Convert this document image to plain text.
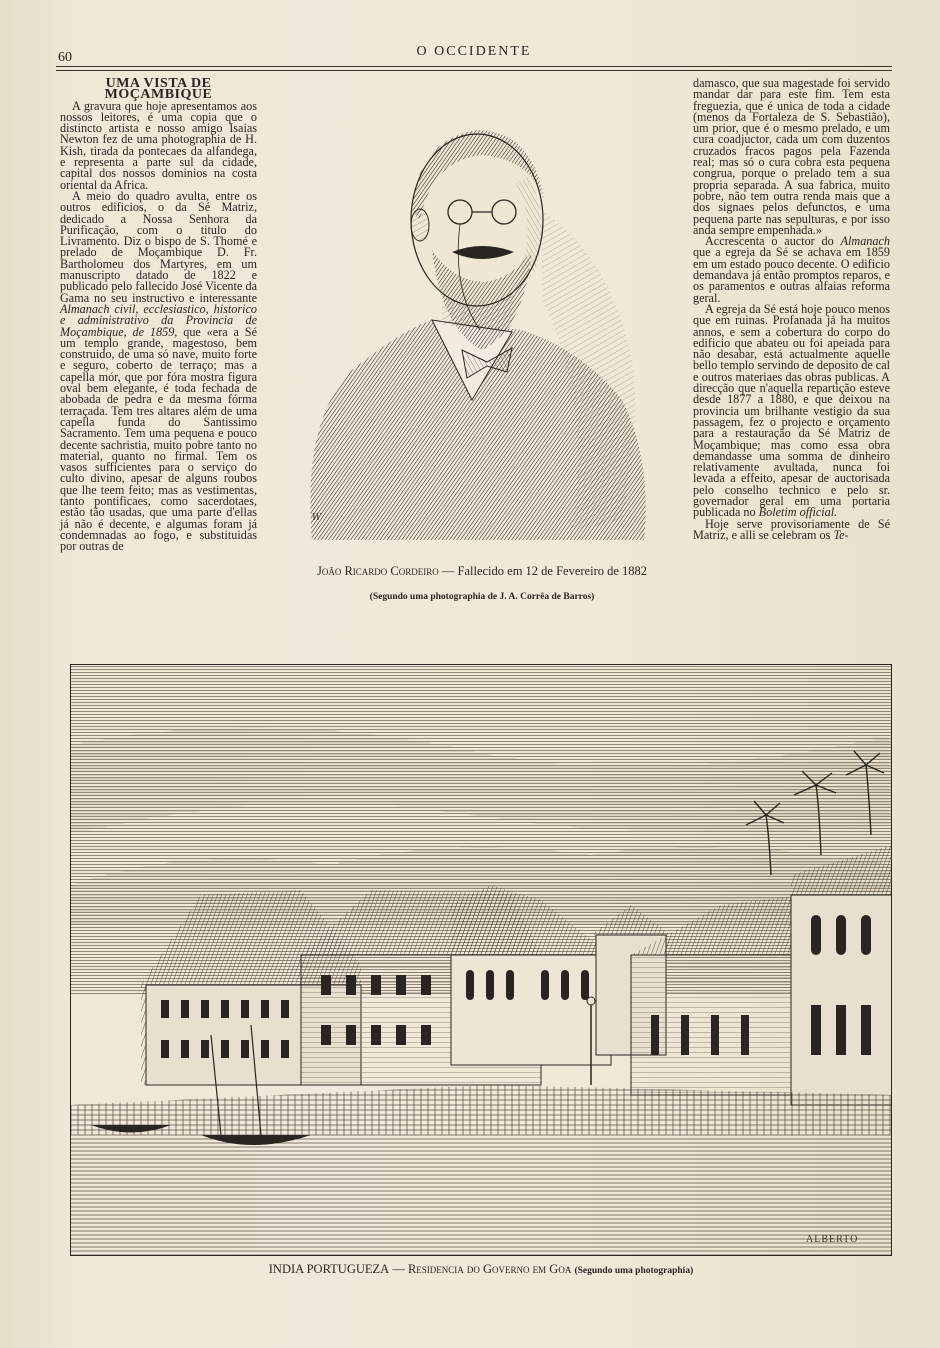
60	O OCCIDENTE

UMA VISTA DE MOÇAMBIQUE

A gravura que hoje apresentamos aos nossos leitores, é uma copia que o distincto artista e nosso amigo Isaias Newton fez de uma photographia de H. Kish, tirada da pontecaes da alfandega, e representa a parte sul da cidade, capital dos nossos dominios na costa oriental da Africa.

A meio do quadro avulta, entre os outros edificios, o da Sé Matriz, dedicado a Nossa Senhora da Purificação, com o titulo do Livramento. Diz o bispo de S. Thomé e prelado de Moçambique D. Fr. Bartholomeu dos Martyres, em um manuscripto datado de 1822 e publicado pelo fallecido José Vicente da Gama no seu instructivo e interessante Almanach civil, ecclesiastico, historico e administrativo da Provincia de Moçambique, de 1859, que «era a Sé um templo grande, magestoso, bem construido, de uma só nave, muito forte e seguro, coberto de terraço; mas a capella mór, que por fóra mostra figura oval bem elegante, é toda fechada de abobada de pedra e da mesma fórma terraçada. Tem tres altares além de uma capella funda do Santissimo Sacramento. Tem uma pequena e pouco decente sachristia, muito pobre tanto no material, quanto no firmal. Tem os vasos sufficientes para o serviço do culto divino, apesar de alguns roubos que lhe teem feito; mas as vestimentas, tanto pontificaes, como sacerdotaes, estão tão usadas, que uma parte d'ellas já não é decente, e algumas foram já condemnadas ao fogo, e substituidas por outras de

W
João Ricardo Cordeiro — Fallecido em 12 de Fevereiro de 1882
(Segundo uma photographia de J. A. Corrêa de Barros)

damasco, que sua magestade foi servido mandar dar para este fim. Tem esta freguezia, que é unica de toda a cidade (menos da Fortaleza de S. Sebastião), um prior, que é o mesmo prelado, e um cura coadjuctor, cada um com duzentos cruzados fracos pagos pela Fazenda real; mas só o cura cobra esta pequena congrua, porque o prelado tem a sua propria separada. A sua fabrica, muito pobre, não tem outra renda mais que a dos signaes pelos defunctos, e uma pequena parte nas sepulturas, e por isso anda sempre empenhada.»

Accrescenta o auctor do Almanach que a egreja da Sé se achava em 1859 em um estado pouco decente. O edificio demandava já então promptos reparos, e os paramentos e outras alfaias reforma geral.

A egreja da Sé está hoje pouco menos que em ruinas. Profanada já ha muitos annos, e sem a cobertura do corpo do edificio que abateu ou foi apeiada para não desabar, está actualmente aquelle bello templo servindo de deposito de cal e outros materiaes das obras publicas. A direcção que n'aquella repartição esteve desde 1877 a 1880, e que deixou na provincia um brilhante vestigio da sua passagem, fez o projecto e orçamento para a restauração da Sé Matriz de Moçambique; mas como essa obra demandasse uma somma de dinheiro relativamente avultada, nunca foi levada a effeito, apesar de auctorisada pelo conselho technico e pelo sr. governador geral em uma portaria publicada no Boletim official.

Hoje serve provisoriamente de Sé Matriz, e alli se celebram os Te-

ALBERTO
INDIA PORTUGUEZA — Residencia do Governo em Goa (Segundo uma photographia)
